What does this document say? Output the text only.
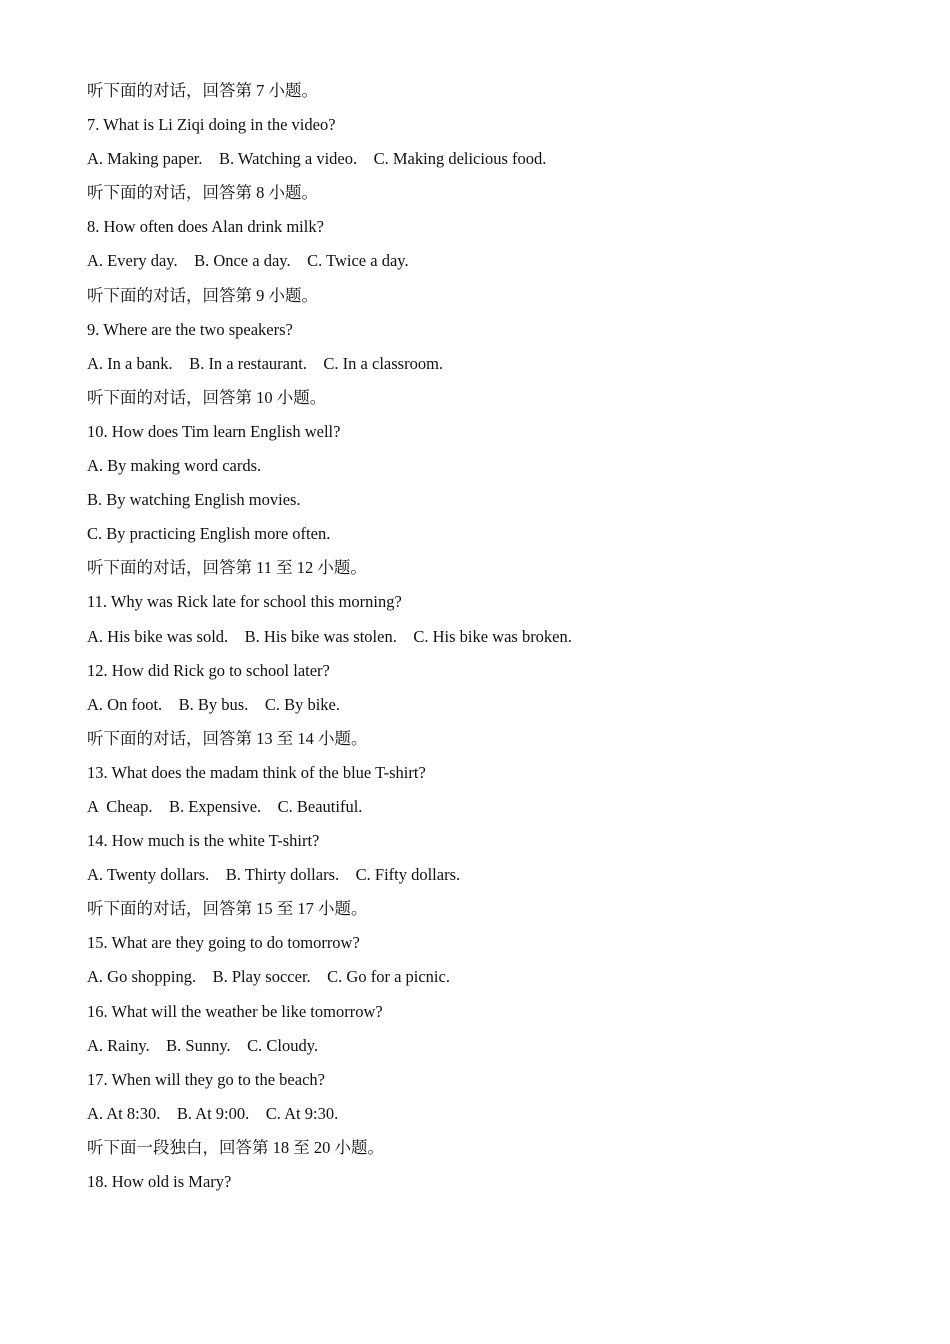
听下面的对话，回答第 7 小题。
7. What is Li Ziqi doing in the video?
A. Making paper.    B. Watching a video.    C. Making delicious food.
听下面的对话，回答第 8 小题。
8. How often does Alan drink milk?
A. Every day.    B. Once a day.    C. Twice a day.
听下面的对话，回答第 9 小题。
9. Where are the two speakers?
A. In a bank.    B. In a restaurant.    C. In a classroom.
听下面的对话，回答第 10 小题。
10. How does Tim learn English well?
A. By making word cards.
B. By watching English movies.
C. By practicing English more often.
听下面的对话，回答第 11 至 12 小题。
11. Why was Rick late for school this morning?
A. His bike was sold.    B. His bike was stolen.    C. His bike was broken.
12. How did Rick go to school later?
A. On foot.    B. By bus.    C. By bike.
听下面的对话，回答第 13 至 14 小题。
13. What does the madam think of the blue T-shirt?
A  Cheap.    B. Expensive.    C. Beautiful.
14. How much is the white T-shirt?
A. Twenty dollars.    B. Thirty dollars.    C. Fifty dollars.
听下面的对话，回答第 15 至 17 小题。
15. What are they going to do tomorrow?
A. Go shopping.    B. Play soccer.    C. Go for a picnic.
16. What will the weather be like tomorrow?
A. Rainy.    B. Sunny.    C. Cloudy.
17. When will they go to the beach?
A. At 8:30.    B. At 9:00.    C. At 9:30.
听下面一段独白，回答第 18 至 20 小题。
18. How old is Mary?
